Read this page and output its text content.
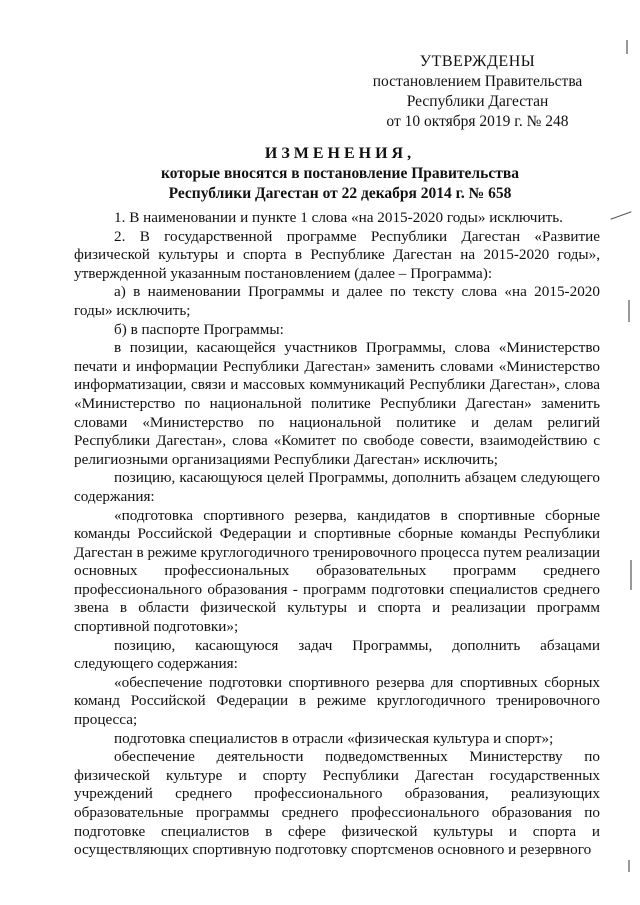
УТВЕРЖДЕНЫ
постановлением Правительства
Республики Дагестан
от 10 октября 2019 г. № 248
ИЗМЕНЕНИЯ,
которые вносятся в постановление Правительства
Республики Дагестан от 22 декабря 2014 г. № 658

1. В наименовании и пункте 1 слова «на 2015-2020 годы» исключить.

2. В государственной программе Республики Дагестан «Развитие физической культуры и спорта в Республике Дагестан на 2015-2020 годы», утвержденной указанным постановлением (далее – Программа):

а) в наименовании Программы и далее по тексту слова «на 2015-2020 годы» исключить;

б) в паспорте Программы:

в позиции, касающейся участников Программы, слова «Министерство печати и информации Республики Дагестан» заменить словами «Министерство информатизации, связи и массовых коммуникаций Республики Дагестан», слова «Министерство по национальной политике Республики Дагестан» заменить словами «Министерство по национальной политике и делам религий Республики Дагестан», слова «Комитет по свободе совести, взаимодействию с религиозными организациями Республики Дагестан» исключить;

позицию, касающуюся целей Программы, дополнить абзацем следующего содержания:

«подготовка спортивного резерва, кандидатов в спортивные сборные команды Российской Федерации и спортивные сборные команды Республики Дагестан в режиме круглогодичного тренировочного процесса путем реализации основных профессиональных образовательных программ среднего профессионального образования - программ подготовки специалистов среднего звена в области физической культуры и спорта и реализации программ спортивной подготовки»;

позицию, касающуюся задач Программы, дополнить абзацами следующего содержания:

«обеспечение подготовки спортивного резерва для спортивных сборных команд Российской Федерации в режиме круглогодичного тренировочного процесса;

подготовка специалистов в отрасли «физическая культура и спорт»;

обеспечение деятельности подведомственных Министерству по физической культуре и спорту Республики Дагестан государственных учреждений среднего профессионального образования, реализующих образовательные программы среднего профессионального образования по подготовке специалистов в сфере физической культуры и спорта и осуществляющих спортивную подготовку спортсменов основного и резервного
